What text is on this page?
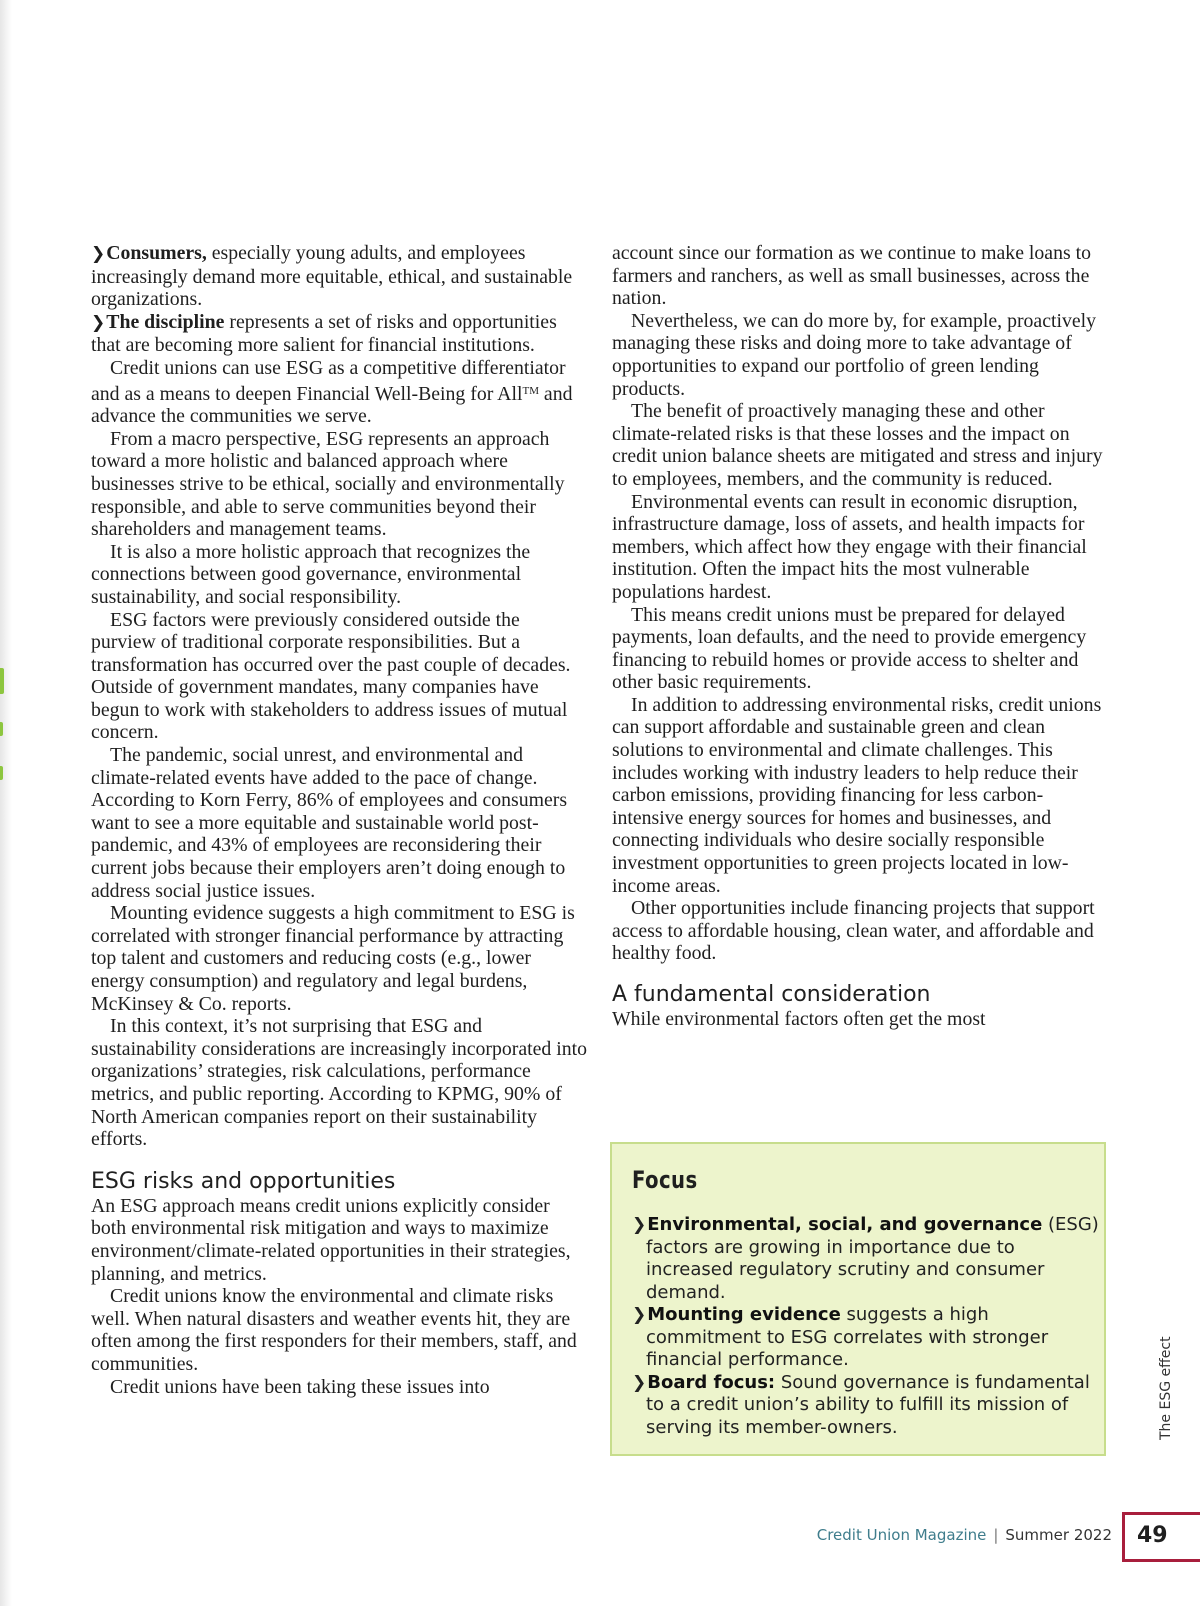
❯Consumers, especially young adults, and employees increasingly demand more equitable, ethical, and sustainable organizations.

❯The discipline represents a set of risks and opportunities that are becoming more salient for financial institutions.

Credit unions can use ESG as a competitive differentiator and as a means to deepen Financial Well-Being for All™ and advance the communities we serve.

From a macro perspective, ESG represents an approach toward a more holistic and balanced approach where businesses strive to be ethical, socially and environmentally responsible, and able to serve communities beyond their shareholders and management teams.

It is also a more holistic approach that recognizes the connections between good governance, environmental sustainability, and social responsibility.

ESG factors were previously considered outside the purview of traditional corporate responsibilities. But a transformation has occurred over the past couple of decades. Outside of government mandates, many companies have begun to work with stakeholders to address issues of mutual concern.

The pandemic, social unrest, and environmental and climate-related events have added to the pace of change. According to Korn Ferry, 86% of employees and consumers want to see a more equitable and sustainable world post-pandemic, and 43% of employees are reconsidering their current jobs because their employers aren’t doing enough to address social justice issues.

Mounting evidence suggests a high commitment to ESG is correlated with stronger financial performance by attracting top talent and customers and reducing costs (e.g., lower energy consumption) and regulatory and legal burdens, McKinsey & Co. reports.

In this context, it’s not surprising that ESG and sustainability considerations are increasingly incorporated into organizations’ strategies, risk calculations, performance metrics, and public reporting. According to KPMG, 90% of North American companies report on their sustainability efforts.

ESG risks and opportunities

An ESG approach means credit unions explicitly consider both environmental risk mitigation and ways to maximize environment/climate-related opportunities in their strategies, planning, and metrics.

Credit unions know the environmental and climate risks well. When natural disasters and weather events hit, they are often among the first responders for their members, staff, and communities.

Credit unions have been taking these issues into

account since our formation as we continue to make loans to farmers and ranchers, as well as small businesses, across the nation.

Nevertheless, we can do more by, for example, proactively managing these risks and doing more to take advantage of opportunities to expand our portfolio of green lending products.

The benefit of proactively managing these and other climate-related risks is that these losses and the impact on credit union balance sheets are mitigated and stress and injury to employees, members, and the community is reduced.

Environmental events can result in economic disruption, infrastructure damage, loss of assets, and health impacts for members, which affect how they engage with their financial institution. Often the impact hits the most vulnerable populations hardest.

This means credit unions must be prepared for delayed payments, loan defaults, and the need to provide emergency financing to rebuild homes or provide access to shelter and other basic requirements.

In addition to addressing environmental risks, credit unions can support affordable and sustainable green and clean solutions to environmental and climate challenges. This includes working with industry leaders to help reduce their carbon emissions, providing financing for less carbon-intensive energy sources for homes and businesses, and connecting individuals who desire socially responsible investment opportunities to green projects located in low-income areas.

Other opportunities include financing projects that support access to affordable housing, clean water, and affordable and healthy food.

A fundamental consideration

While environmental factors often get the most

Focus

❯Environmental, social, and governance (ESG) factors are growing in importance due to increased regulatory scrutiny and consumer demand.

❯Mounting evidence suggests a high commitment to ESG correlates with stronger financial performance.

❯Board focus: Sound governance is fundamental to a credit union’s ability to fulfill its mission of serving its member-owners.	The ESG effect
Credit Union Magazine | Summer 2022	49
